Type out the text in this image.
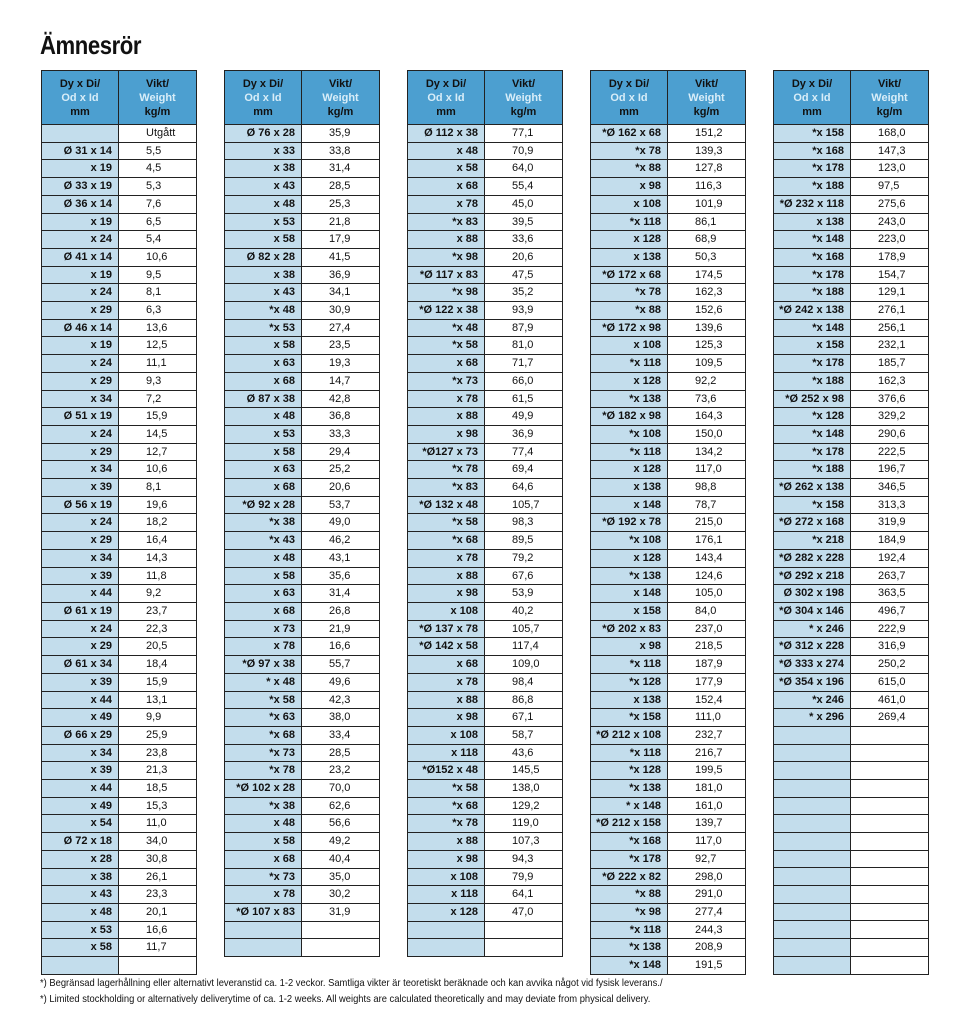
Ämnesrör
Dy x Di/
Od x Id
mm	Vikt/
Weight
kg/m

	Utgått
Ø 31 x 14	5,5
x 19	4,5
Ø 33 x 19	5,3
Ø 36 x 14	7,6
x 19	6,5
x 24	5,4
Ø 41 x 14	10,6
x 19	9,5
x 24	8,1
x 29	6,3
Ø 46 x 14	13,6
x 19	12,5
x 24	11,1
x 29	9,3
x 34	7,2
Ø 51 x 19	15,9
x 24	14,5
x 29	12,7
x 34	10,6
x 39	8,1
Ø 56 x 19	19,6
x 24	18,2
x 29	16,4
x 34	14,3
x 39	11,8
x 44	9,2
Ø 61 x 19	23,7
x 24	22,3
x 29	20,5
Ø 61 x 34	18,4
x 39	15,9
x 44	13,1
x 49	9,9
Ø 66 x 29	25,9
x 34	23,8
x 39	21,3
x 44	18,5
x 49	15,3
x 54	11,0
Ø 72 x 18	34,0
x 28	30,8
x 38	26,1
x 43	23,3
x 48	20,1
x 53	16,6
x 58	11,7

Dy x Di/
Od x Id
mm	Vikt/
Weight
kg/m

Ø 76 x 28	35,9
x 33	33,8
x 38	31,4
x 43	28,5
x 48	25,3
x 53	21,8
x 58	17,9
Ø 82 x 28	41,5
x 38	36,9
x 43	34,1
*x 48	30,9
*x 53	27,4
x 58	23,5
x 63	19,3
x 68	14,7
Ø 87 x 38	42,8
x 48	36,8
x 53	33,3
x 58	29,4
x 63	25,2
x 68	20,6
*Ø 92 x 28	53,7
*x 38	49,0
*x 43	46,2
x 48	43,1
x 58	35,6
x 63	31,4
x 68	26,8
x 73	21,9
x 78	16,6
*Ø 97 x 38	55,7
* x 48	49,6
*x 58	42,3
*x 63	38,0
*x 68	33,4
*x 73	28,5
*x 78	23,2
*Ø 102 x 28	70,0
*x 38	62,6
x 48	56,6
x 58	49,2
x 68	40,4
*x 73	35,0
x 78	30,2
*Ø 107 x 83	31,9

Dy x Di/
Od x Id
mm	Vikt/
Weight
kg/m

Ø 112 x 38	77,1
x 48	70,9
x 58	64,0
x 68	55,4
x 78	45,0
*x 83	39,5
x 88	33,6
*x 98	20,6
*Ø 117 x 83	47,5
*x 98	35,2
*Ø 122 x 38	93,9
*x 48	87,9
*x 58	81,0
x 68	71,7
*x 73	66,0
x 78	61,5
x 88	49,9
x 98	36,9
*Ø127 x 73	77,4
*x 78	69,4
*x 83	64,6
*Ø 132 x 48	105,7
*x 58	98,3
*x 68	89,5
x 78	79,2
x 88	67,6
x 98	53,9
x 108	40,2
*Ø 137 x 78	105,7
*Ø 142 x 58	117,4
x 68	109,0
x 78	98,4
x 88	86,8
x 98	67,1
x 108	58,7
x 118	43,6
*Ø152 x 48	145,5
*x 58	138,0
*x 68	129,2
*x 78	119,0
x 88	107,3
x 98	94,3
x 108	79,9
x 118	64,1
x 128	47,0

Dy x Di/
Od x Id
mm	Vikt/
Weight
kg/m

*Ø 162 x 68	151,2
*x 78	139,3
*x 88	127,8
x 98	116,3
x 108	101,9
*x 118	86,1
x 128	68,9
x 138	50,3
*Ø 172 x 68	174,5
*x 78	162,3
*x 88	152,6
*Ø 172 x 98	139,6
x 108	125,3
*x 118	109,5
x 128	92,2
*x 138	73,6
*Ø 182 x 98	164,3
*x 108	150,0
*x 118	134,2
x 128	117,0
x 138	98,8
x 148	78,7
*Ø 192 x 78	215,0
*x 108	176,1
x 128	143,4
*x 138	124,6
x 148	105,0
x 158	84,0
*Ø 202 x 83	237,0
x 98	218,5
*x 118	187,9
*x 128	177,9
x 138	152,4
*x 158	111,0
*Ø 212 x 108	232,7
*x 118	216,7
*x 128	199,5
*x 138	181,0
* x 148	161,0
*Ø 212 x 158	139,7
*x 168	117,0
*x 178	92,7
*Ø 222 x 82	298,0
*x 88	291,0
*x 98	277,4
*x 118	244,3
*x 138	208,9
*x 148	191,5
Dy x Di/
Od x Id
mm	Vikt/
Weight
kg/m

*x 158	168,0
*x 168	147,3
*x 178	123,0
*x 188	97,5
*Ø 232 x 118	275,6
x 138	243,0
*x 148	223,0
*x 168	178,9
*x 178	154,7
*x 188	129,1
*Ø 242 x 138	276,1
*x 148	256,1
x 158	232,1
*x 178	185,7
*x 188	162,3
*Ø 252 x 98	376,6
*x 128	329,2
*x 148	290,6
*x 178	222,5
*x 188	196,7
*Ø 262 x 138	346,5
*x 158	313,3
*Ø 272 x 168	319,9
*x 218	184,9
*Ø 282 x 228	192,4
*Ø 292 x 218	263,7
Ø 302 x 198	363,5
*Ø 304 x 146	496,7
* x 246	222,9
*Ø 312 x 228	316,9
*Ø 333 x 274	250,2
*Ø 354 x 196	615,0
*x 246	461,0
* x 296	269,4

*) Begränsad lagerhållning eller alternativt leveranstid ca. 1-2 veckor. Samtliga vikter är teoretiskt beräknade och kan avvika något vid fysisk leverans./
*) Limited stockholding or alternatively deliverytime of ca. 1-2 weeks. All weights are calculated theoretically and may deviate from physical delivery.
